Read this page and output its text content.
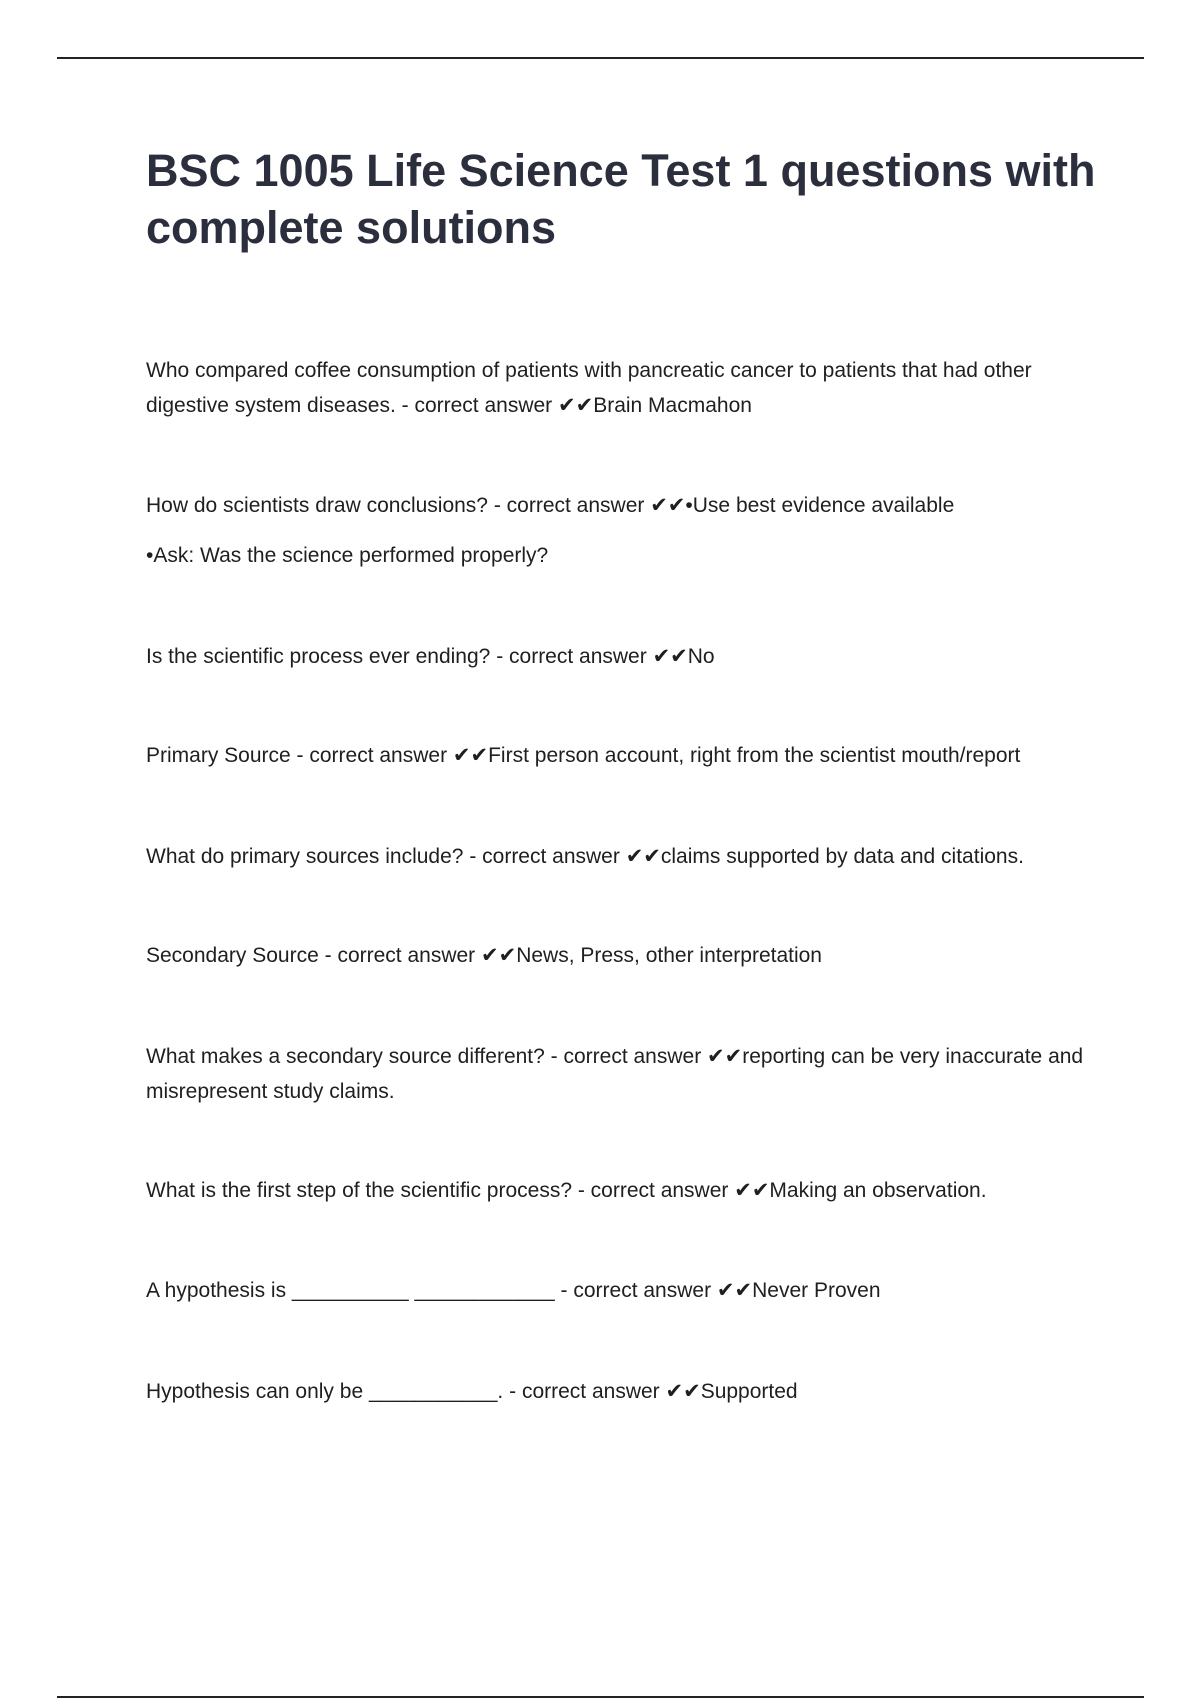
BSC 1005 Life Science Test 1 questions with complete solutions

Who compared coffee consumption of patients with pancreatic cancer to patients that had other digestive system diseases. - correct answer ✔✔Brain Macmahon

How do scientists draw conclusions? - correct answer ✔✔•Use best evidence available

•Ask: Was the science performed properly?

Is the scientific process ever ending? - correct answer ✔✔No

Primary Source - correct answer ✔✔First person account, right from the scientist mouth/report

What do primary sources include? - correct answer ✔✔claims supported by data and citations.

Secondary Source - correct answer ✔✔News, Press, other interpretation

What makes a secondary source different? - correct answer ✔✔reporting can be very inaccurate and misrepresent study claims.

What is the first step of the scientific process? - correct answer ✔✔Making an observation.

A hypothesis is __________ ____________ - correct answer ✔✔Never Proven

Hypothesis can only be ___________. - correct answer ✔✔Supported
